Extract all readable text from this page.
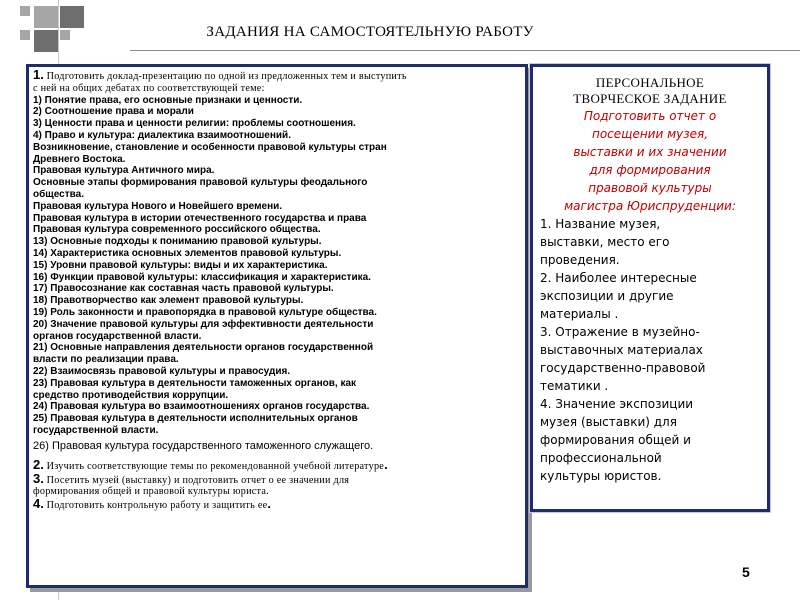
ЗАДАНИЯ НА САМОСТОЯТЕЛЬНУЮ РАБОТУ
1. Подготовить доклад-презентацию по одной из предложенных тем и выступить
с ней на общих дебатах по соответствующей теме:
1) Понятие права, его основные признаки и ценности.
2) Соотношение права и морали
3) Ценности права и ценности религии: проблемы соотношения.
4) Право и культура: диалектика взаимоотношений.
Возникновение, становление и особенности правовой культуры стран
Древнего Востока.
Правовая культура Античного мира.
Основные этапы формирования правовой культуры феодального
общества.
Правовая культура Нового и Новейшего времени.
Правовая культура в истории отечественного государства и права
Правовая культура современного российского общества.
13) Основные подходы к пониманию правовой культуры.
14) Характеристика основных элементов правовой культуры.
15) Уровни правовой культуры: виды и их характеристика.
16) Функции правовой культуры: классификация и характеристика.
17) Правосознание как составная часть правовой культуры.
18) Правотворчество как элемент правовой культуры.
19) Роль законности и правопорядка в правовой культуре общества.
20) Значение правовой культуры для эффективности деятельности
органов государственной власти.
21) Основные направления деятельности органов государственной
власти по реализации права.
22) Взаимосвязь правовой культуры и правосудия.
23) Правовая культура в деятельности таможенных органов, как
средство противодействия коррупции.
24) Правовая культура во взаимоотношениях органов государства.
25) Правовая культура в деятельности исполнительных органов
государственной власти.
26) Правовая культура государственного таможенного служащего.
2. Изучить соответствующие темы по рекомендованной учебной литературе.
3. Посетить музей (выставку) и подготовить отчет о ее значении для
формирования общей и правовой культуры юриста.
4. Подготовить контрольную работу и защитить ее.
ПЕРСОНАЛЬНОЕ
ТВОРЧЕСКОЕ ЗАДАНИЕ
Подготовить отчет о
посещении музея,
выставки и их значении
для формирования
правовой культуры
магистра Юриспруденции:
1. Название музея,
выставки, место его
проведения.
2. Наиболее интересные
экспозиции и другие
материалы .
3. Отражение в музейно-
выставочных материалах
государственно-правовой
тематики .
4. Значение экспозиции
музея (выставки) для
формирования общей и
профессиональной
культуры юристов.
5
